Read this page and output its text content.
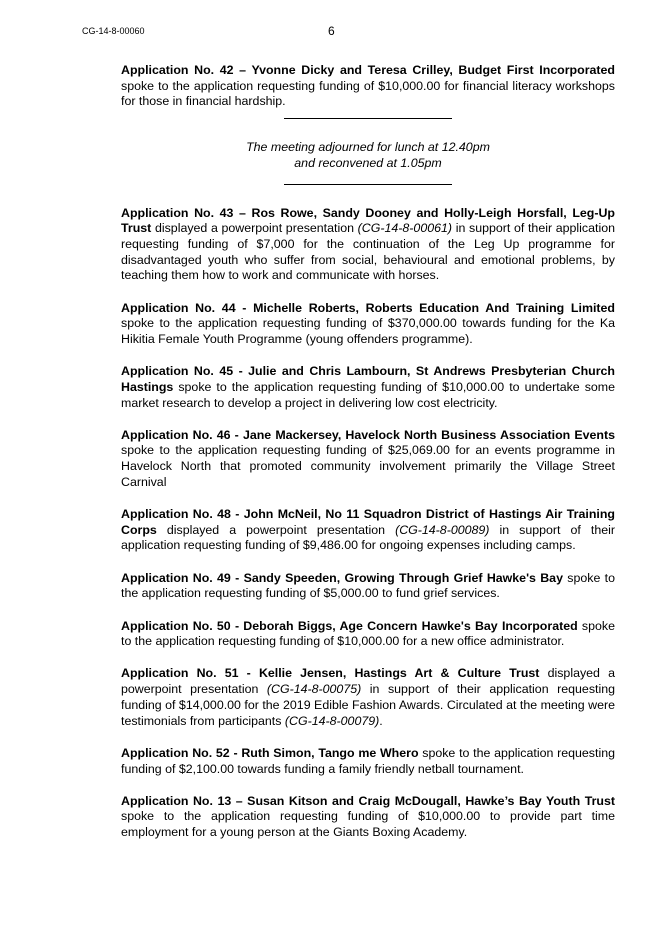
CG-14-8-00060	6

Application No. 42 – Yvonne Dicky and Teresa Crilley, Budget First Incorporated spoke to the application requesting funding of $10,000.00 for financial literacy workshops for those in financial hardship.

The meeting adjourned for lunch at 12.40pm
and reconvened at 1.05pm

Application No. 43 – Ros Rowe, Sandy Dooney and Holly-Leigh Horsfall, Leg-Up Trust displayed a powerpoint presentation (CG-14-8-00061) in support of their application requesting funding of $7,000 for the continuation of the Leg Up programme for disadvantaged youth who suffer from social, behavioural and emotional problems, by teaching them how to work and communicate with horses.

Application No. 44 - Michelle Roberts, Roberts Education And Training Limited spoke to the application requesting funding of $370,000.00 towards funding for the Ka Hikitia Female Youth Programme (young offenders programme).

Application No. 45 - Julie and Chris Lambourn, St Andrews Presbyterian Church Hastings spoke to the application requesting funding of $10,000.00 to undertake some market research to develop a project in delivering low cost electricity.

Application No. 46 - Jane Mackersey, Havelock North Business Association Events spoke to the application requesting funding of $25,069.00 for an events programme in Havelock North that promoted community involvement primarily the Village Street Carnival

Application No. 48 - John McNeil, No 11 Squadron District of Hastings Air Training Corps displayed a powerpoint presentation (CG-14-8-00089) in support of their application requesting funding of $9,486.00 for ongoing expenses including camps.

Application No. 49 - Sandy Speeden, Growing Through Grief Hawke's Bay spoke to the application requesting funding of $5,000.00 to fund grief services.

Application No. 50 - Deborah Biggs, Age Concern Hawke's Bay Incorporated spoke to the application requesting funding of $10,000.00 for a new office administrator.

Application No. 51 - Kellie Jensen, Hastings Art & Culture Trust displayed a powerpoint presentation (CG-14-8-00075) in support of their application requesting funding of $14,000.00 for the 2019 Edible Fashion Awards. Circulated at the meeting were testimonials from participants (CG-14-8-00079).

Application No. 52 - Ruth Simon, Tango me Whero spoke to the application requesting funding of $2,100.00 towards funding a family friendly netball tournament.

Application No. 13 – Susan Kitson and Craig McDougall, Hawke’s Bay Youth Trust spoke to the application requesting funding of $10,000.00 to provide part time employment for a young person at the Giants Boxing Academy.
